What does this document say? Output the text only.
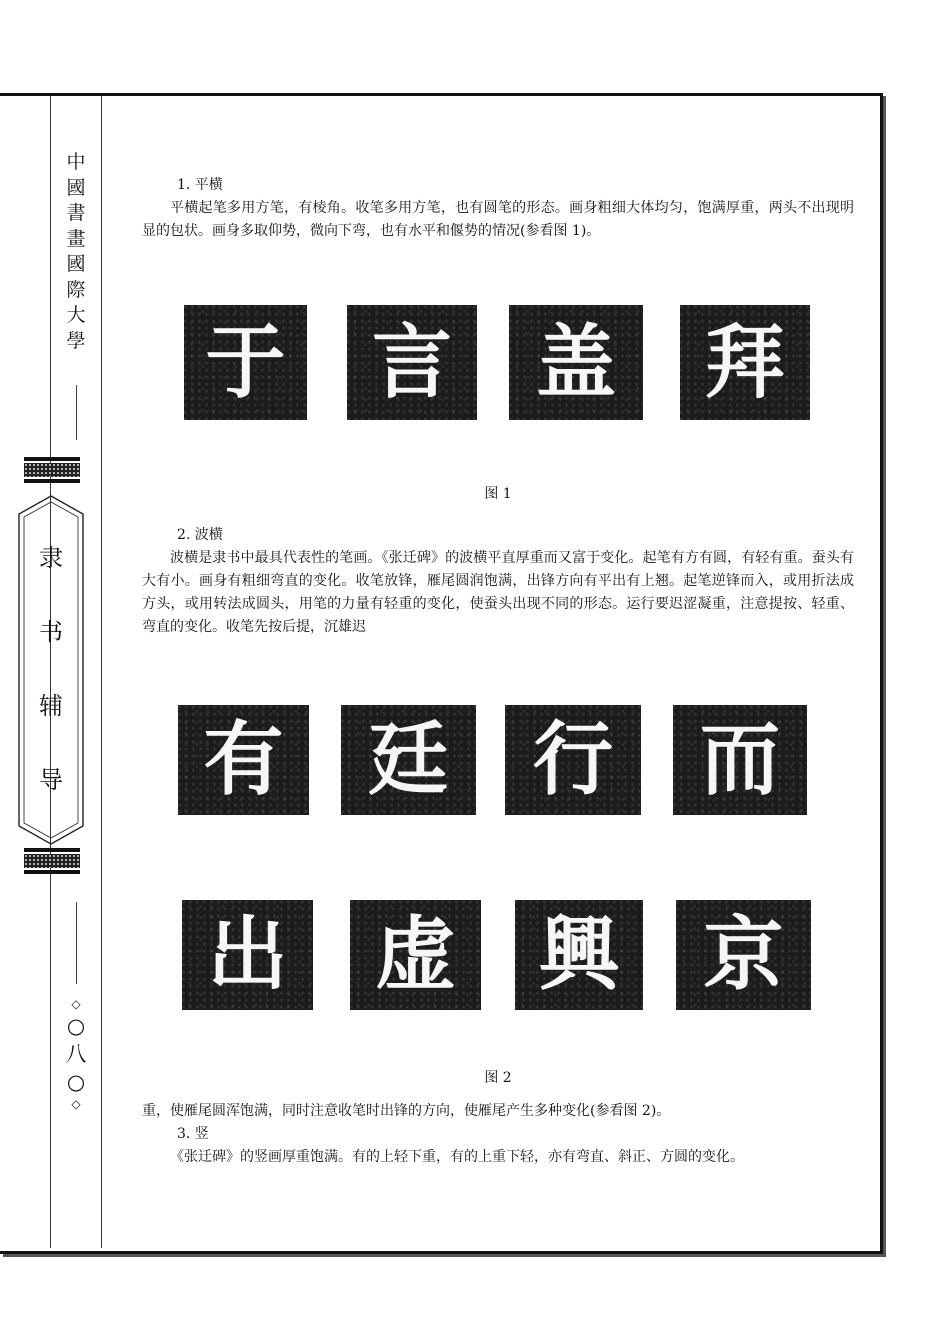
中
國
書
畫
國
際
大
學
隶
书
辅
导
◇
○
八
○
◇

1. 平横

平横起笔多用方笔，有棱角。收笔多用方笔，也有圆笔的形态。画身粗细大体均匀，饱满厚重，两头不出现明显的包状。画身多取仰势，微向下弯，也有水平和偃势的情况(参看图 1)。

于	言	盖	拜
图 1

2. 波横

波横是隶书中最具代表性的笔画。《张迁碑》的波横平直厚重而又富于变化。起笔有方有圆，有轻有重。蚕头有大有小。画身有粗细弯直的变化。收笔放锋，雁尾圆润饱满，出锋方向有平出有上翘。起笔逆锋而入，或用折法成方头，或用转法成圆头，用笔的力量有轻重的变化，使蚕头出现不同的形态。运行要迟涩凝重，注意提按、轻重、弯直的变化。收笔先按后提，沉雄迟

有	廷	行	而
出	虚	興	京
图 2

重，使雁尾圆浑饱满，同时注意收笔时出锋的方向，使雁尾产生多种变化(参看图 2)。

3. 竖

《张迁碑》的竖画厚重饱满。有的上轻下重，有的上重下轻，亦有弯直、斜正、方圆的变化。
